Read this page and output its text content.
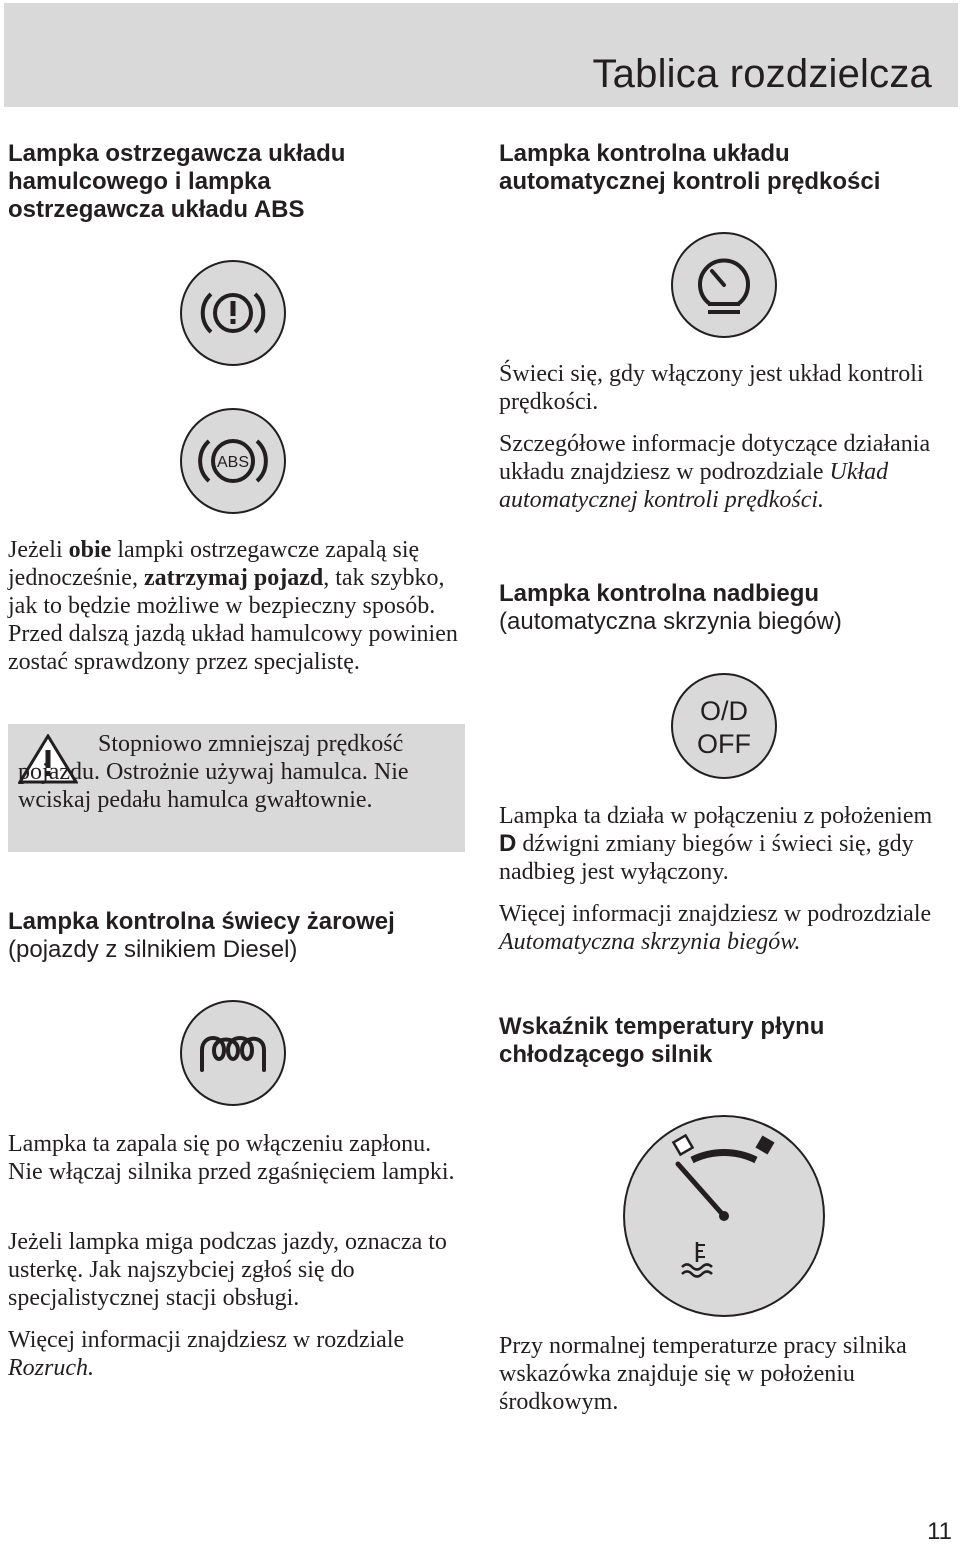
Tablica rozdzielcza
Lampka ostrzegawcza układu hamulcowego i lampka ostrzegawcza układu ABS
ABS

Jeżeli obie lampki ostrzegawcze zapalą się jednocześnie, zatrzymaj pojazd, tak szybko, jak to będzie możliwe w bezpieczny sposób. Przed dalszą jazdą układ hamulcowy powinien zostać sprawdzony przez specjalistę.

Stopniowo zmniejszaj prędkość pojazdu. Ostrożnie używaj hamulca. Nie wciskaj pedału hamulca gwałtownie.

Lampka kontrolna świecy żarowej
(pojazdy z silnikiem Diesel)

Lampka ta zapala się po włączeniu zapłonu. Nie włączaj silnika przed zgaśnięciem lampki.

Jeżeli lampka miga podczas jazdy, oznacza to usterkę. Jak najszybciej zgłoś się do specjalistycznej stacji obsługi.

Więcej informacji znajdziesz w rozdziale Rozruch.

Lampka kontrolna układu automatycznej kontroli prędkości

Świeci się, gdy włączony jest układ kontroli prędkości.

Szczegółowe informacje dotyczące działania układu znajdziesz w podrozdziale Układ automatycznej kontroli prędkości.

Lampka kontrolna nadbiegu
(automatyczna skrzynia biegów)
O/D
OFF

Lampka ta działa w połączeniu z położeniem D dźwigni zmiany biegów i świeci się, gdy nadbieg jest wyłączony.

Więcej informacji znajdziesz w podrozdziale Automatyczna skrzynia biegów.

Wskaźnik temperatury płynu chłodzącego silnik

Przy normalnej temperaturze pracy silnika wskazówka znajduje się w położeniu środkowym.

11
